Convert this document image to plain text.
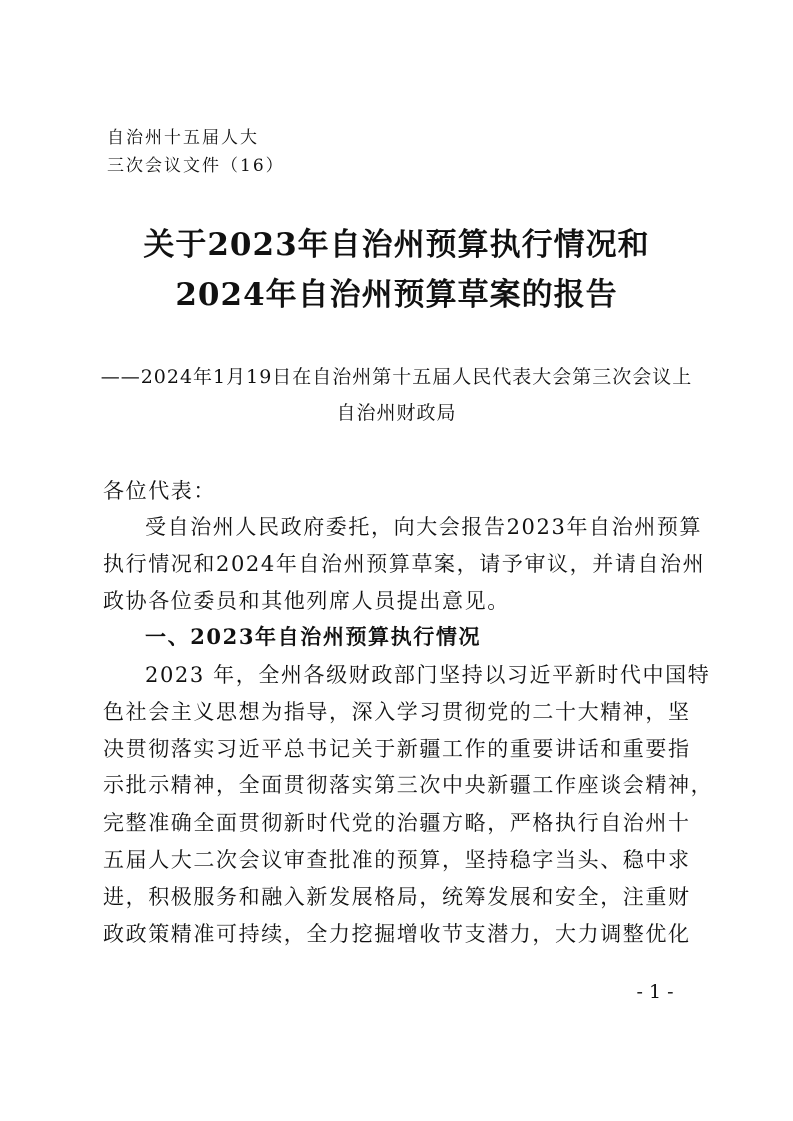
自治州十五届人大
三次会议文件（16）
关于2023年自治州预算执行情况和
2024年自治州预算草案的报告
——2024年1月19日在自治州第十五届人民代表大会第三次会议上
自治州财政局
各位代表：
受自治州人民政府委托，向大会报告2023年自治州预算
执行情况和2024年自治州预算草案，请予审议，并请自治州
政协各位委员和其他列席人员提出意见。
一、2023年自治州预算执行情况
2023 年，全州各级财政部门坚持以习近平新时代中国特
色社会主义思想为指导，深入学习贯彻党的二十大精神，坚
决贯彻落实习近平总书记关于新疆工作的重要讲话和重要指
示批示精神，全面贯彻落实第三次中央新疆工作座谈会精神，
完整准确全面贯彻新时代党的治疆方略，严格执行自治州十
五届人大二次会议审查批准的预算，坚持稳字当头、稳中求
进，积极服务和融入新发展格局，统筹发展和安全，注重财
政政策精准可持续，全力挖掘增收节支潜力，大力调整优化
- 1 -
